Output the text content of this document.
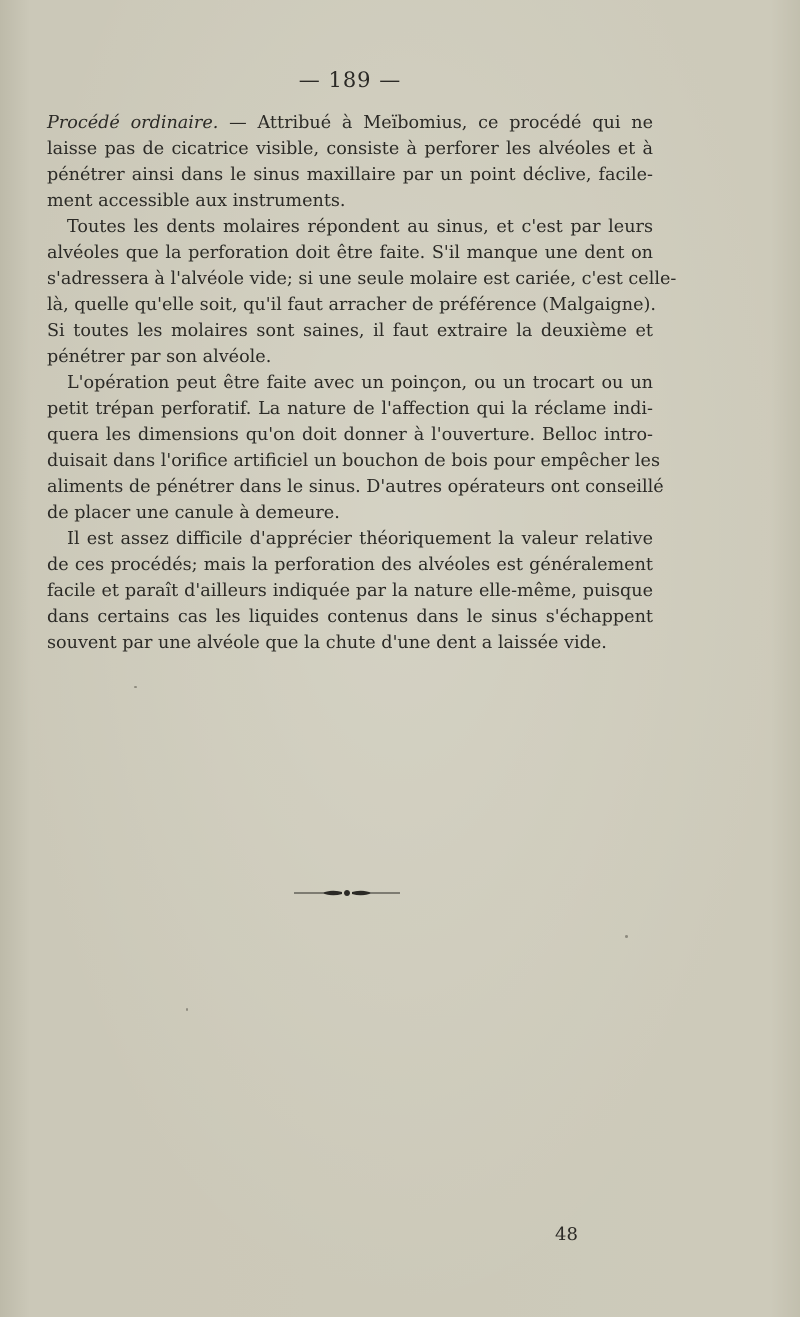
— 189 —
Procédé ordinaire. — Attribué à Meïbomius, ce procédé qui ne
laisse pas de cicatrice visible, consiste à perforer les alvéoles et à
pénétrer ainsi dans le sinus maxillaire par un point déclive, facile-
ment accessible aux instruments.
Toutes les dents molaires répondent au sinus, et c'est par leurs
alvéoles que la perforation doit être faite. S'il manque une dent on
s'adressera à l'alvéole vide; si une seule molaire est cariée, c'est celle-
là, quelle qu'elle soit, qu'il faut arracher de préférence (Malgaigne).
Si toutes les molaires sont saines, il faut extraire la deuxième et
pénétrer par son alvéole.
L'opération peut être faite avec un poinçon, ou un trocart ou un
petit trépan perforatif. La nature de l'affection qui la réclame indi-
quera les dimensions qu'on doit donner à l'ouverture. Belloc intro-
duisait dans l'orifice artificiel un bouchon de bois pour empêcher les
aliments de pénétrer dans le sinus. D'autres opérateurs ont conseillé
de placer une canule à demeure.
Il est assez difficile d'apprécier théoriquement la valeur relative
de ces procédés; mais la perforation des alvéoles est généralement
facile et paraît d'ailleurs indiquée par la nature elle-même, puisque
dans certains cas les liquides contenus dans le sinus s'échappent
souvent par une alvéole que la chute d'une dent a laissée vide.
48
